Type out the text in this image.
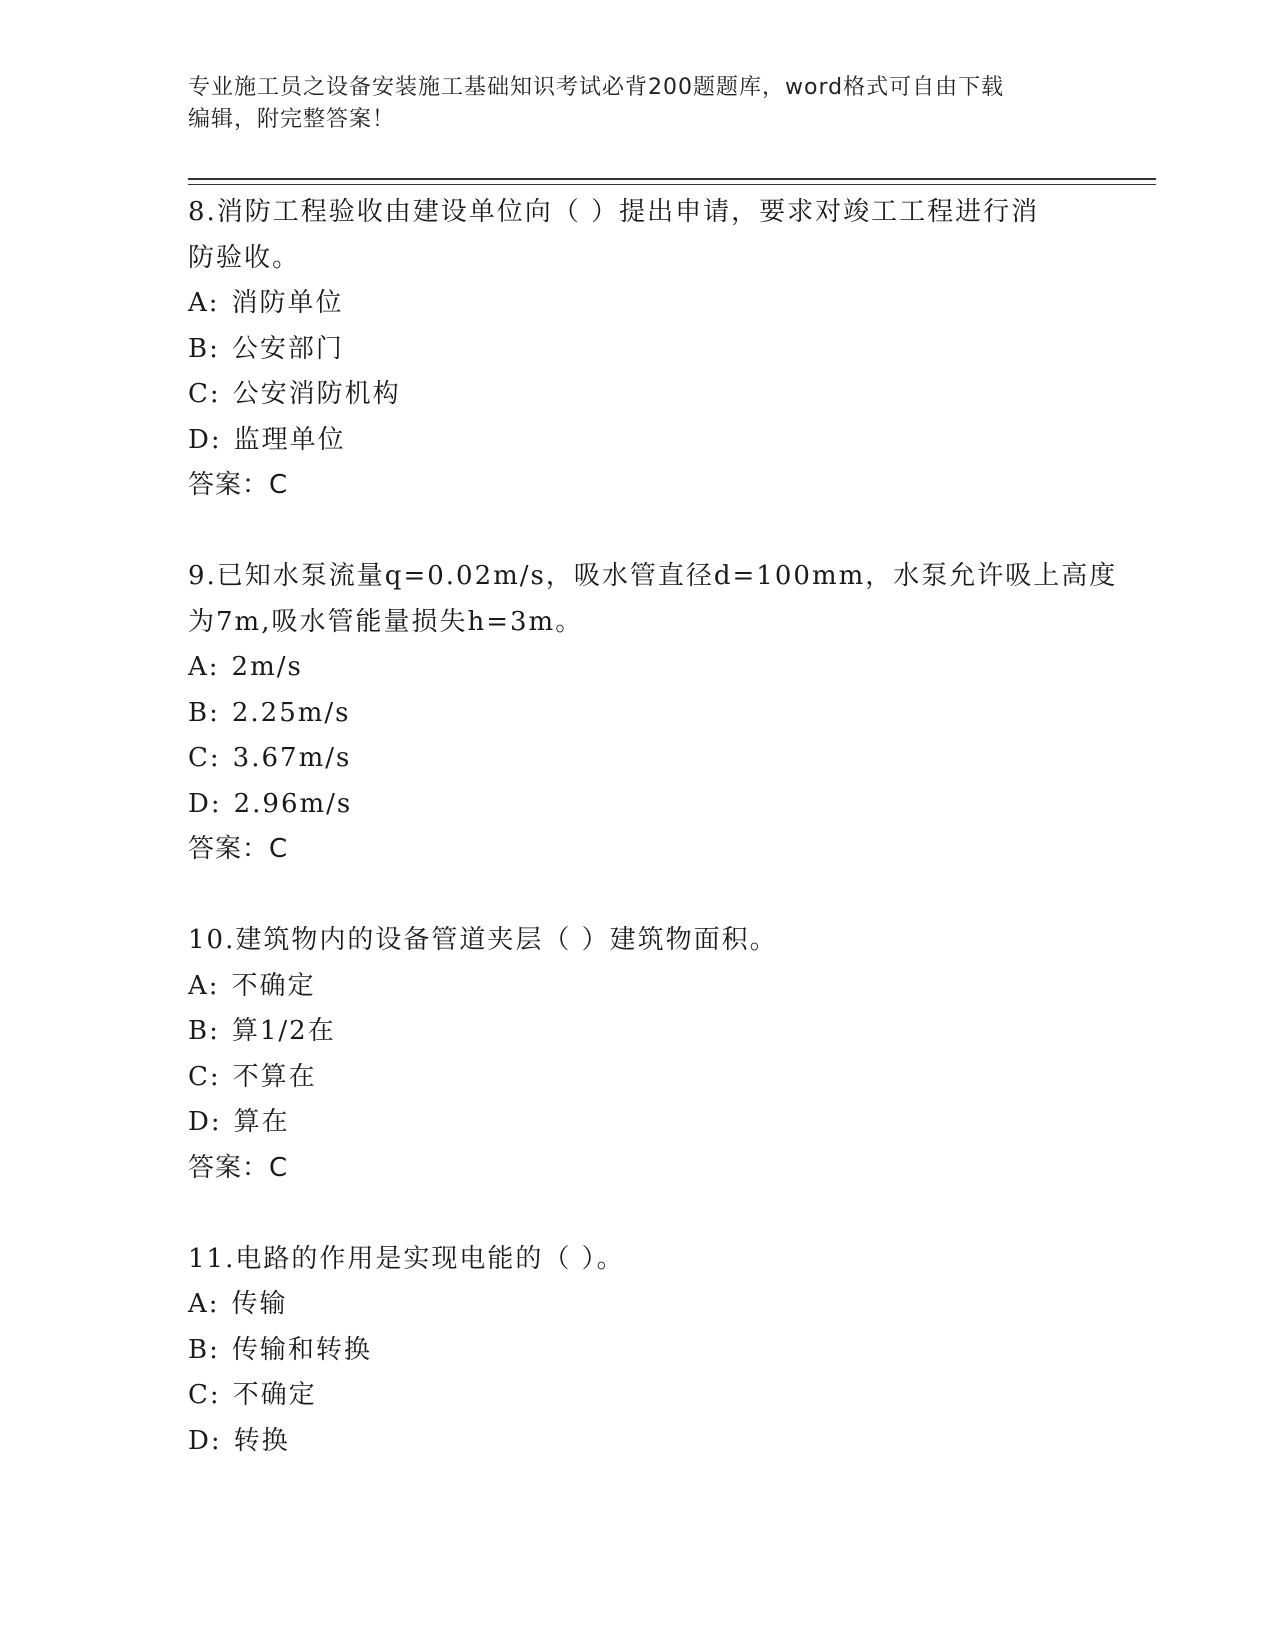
专业施工员之设备安装施工基础知识考试必背200题题库，word格式可自由下载
编辑，附完整答案！
8.消防工程验收由建设单位向（ ）提出申请，要求对竣工工程进行消
防验收。
A: 消防单位
B: 公安部门
C: 公安消防机构
D: 监理单位
答案：C
9.已知水泵流量q=0.02m/s，吸水管直径d=100mm，水泵允许吸上高度
为7m,吸水管能量损失h=3m。
A: 2m/s
B: 2.25m/s
C: 3.67m/s
D: 2.96m/s
答案：C
10.建筑物内的设备管道夹层（ ）建筑物面积。
A: 不确定
B: 算1/2在
C: 不算在
D: 算在
答案：C
11.电路的作用是实现电能的（ ）。
A: 传输
B: 传输和转换
C: 不确定
D: 转换
